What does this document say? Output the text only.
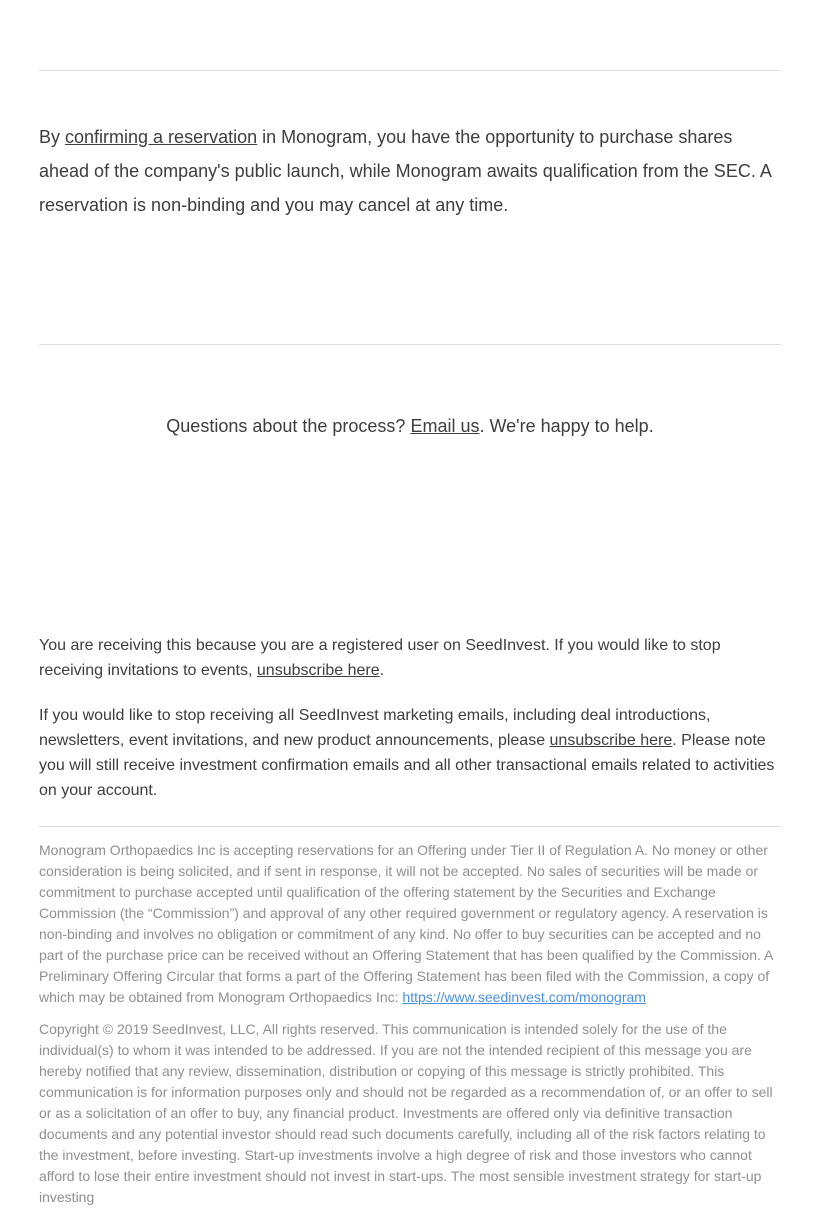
By confirming a reservation in Monogram, you have the opportunity to purchase shares ahead of the company's public launch, while Monogram awaits qualification from the SEC. A reservation is non-binding and you may cancel at any time.

Questions about the process? Email us. We're happy to help.

You are receiving this because you are a registered user on SeedInvest. If you would like to stop receiving invitations to events, unsubscribe here.

If you would like to stop receiving all SeedInvest marketing emails, including deal introductions, newsletters, event invitations, and new product announcements, please unsubscribe here. Please note you will still receive investment confirmation emails and all other transactional emails related to activities on your account.

Monogram Orthopaedics Inc is accepting reservations for an Offering under Tier II of Regulation A. No money or other consideration is being solicited, and if sent in response, it will not be accepted. No sales of securities will be made or commitment to purchase accepted until qualification of the offering statement by the Securities and Exchange Commission (the “Commission”) and approval of any other required government or regulatory agency. A reservation is non-binding and involves no obligation or commitment of any kind. No offer to buy securities can be accepted and no part of the purchase price can be received without an Offering Statement that has been qualified by the Commission. A Preliminary Offering Circular that forms a part of the Offering Statement has been filed with the Commission, a copy of which may be obtained from Monogram Orthopaedics Inc: https://www.seedinvest.com/monogram

Copyright © 2019 SeedInvest, LLC, All rights reserved. This communication is intended solely for the use of the individual(s) to whom it was intended to be addressed. If you are not the intended recipient of this message you are hereby notified that any review, dissemination, distribution or copying of this message is strictly prohibited. This communication is for information purposes only and should not be regarded as a recommendation of, or an offer to sell or as a solicitation of an offer to buy, any financial product. Investments are offered only via definitive transaction documents and any potential investor should read such documents carefully, including all of the risk factors relating to the investment, before investing. Start-up investments involve a high degree of risk and those investors who cannot afford to lose their entire investment should not invest in start-ups. The most sensible investment strategy for start-up investing
